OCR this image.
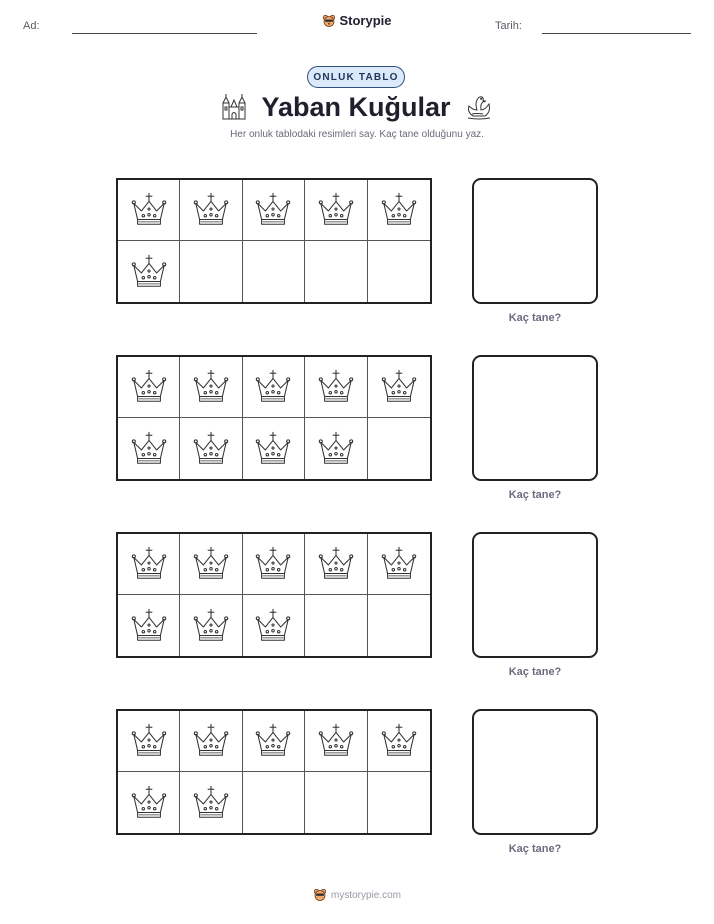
Ad:	Tarih:
Storypie
ONLUK TABLO
Yaban Kuğular
Her onluk tablodaki resimleri say. Kaç tane olduğunu yaz.
Kaç tane?
Kaç tane?
Kaç tane?
Kaç tane?
mystorypie.com
